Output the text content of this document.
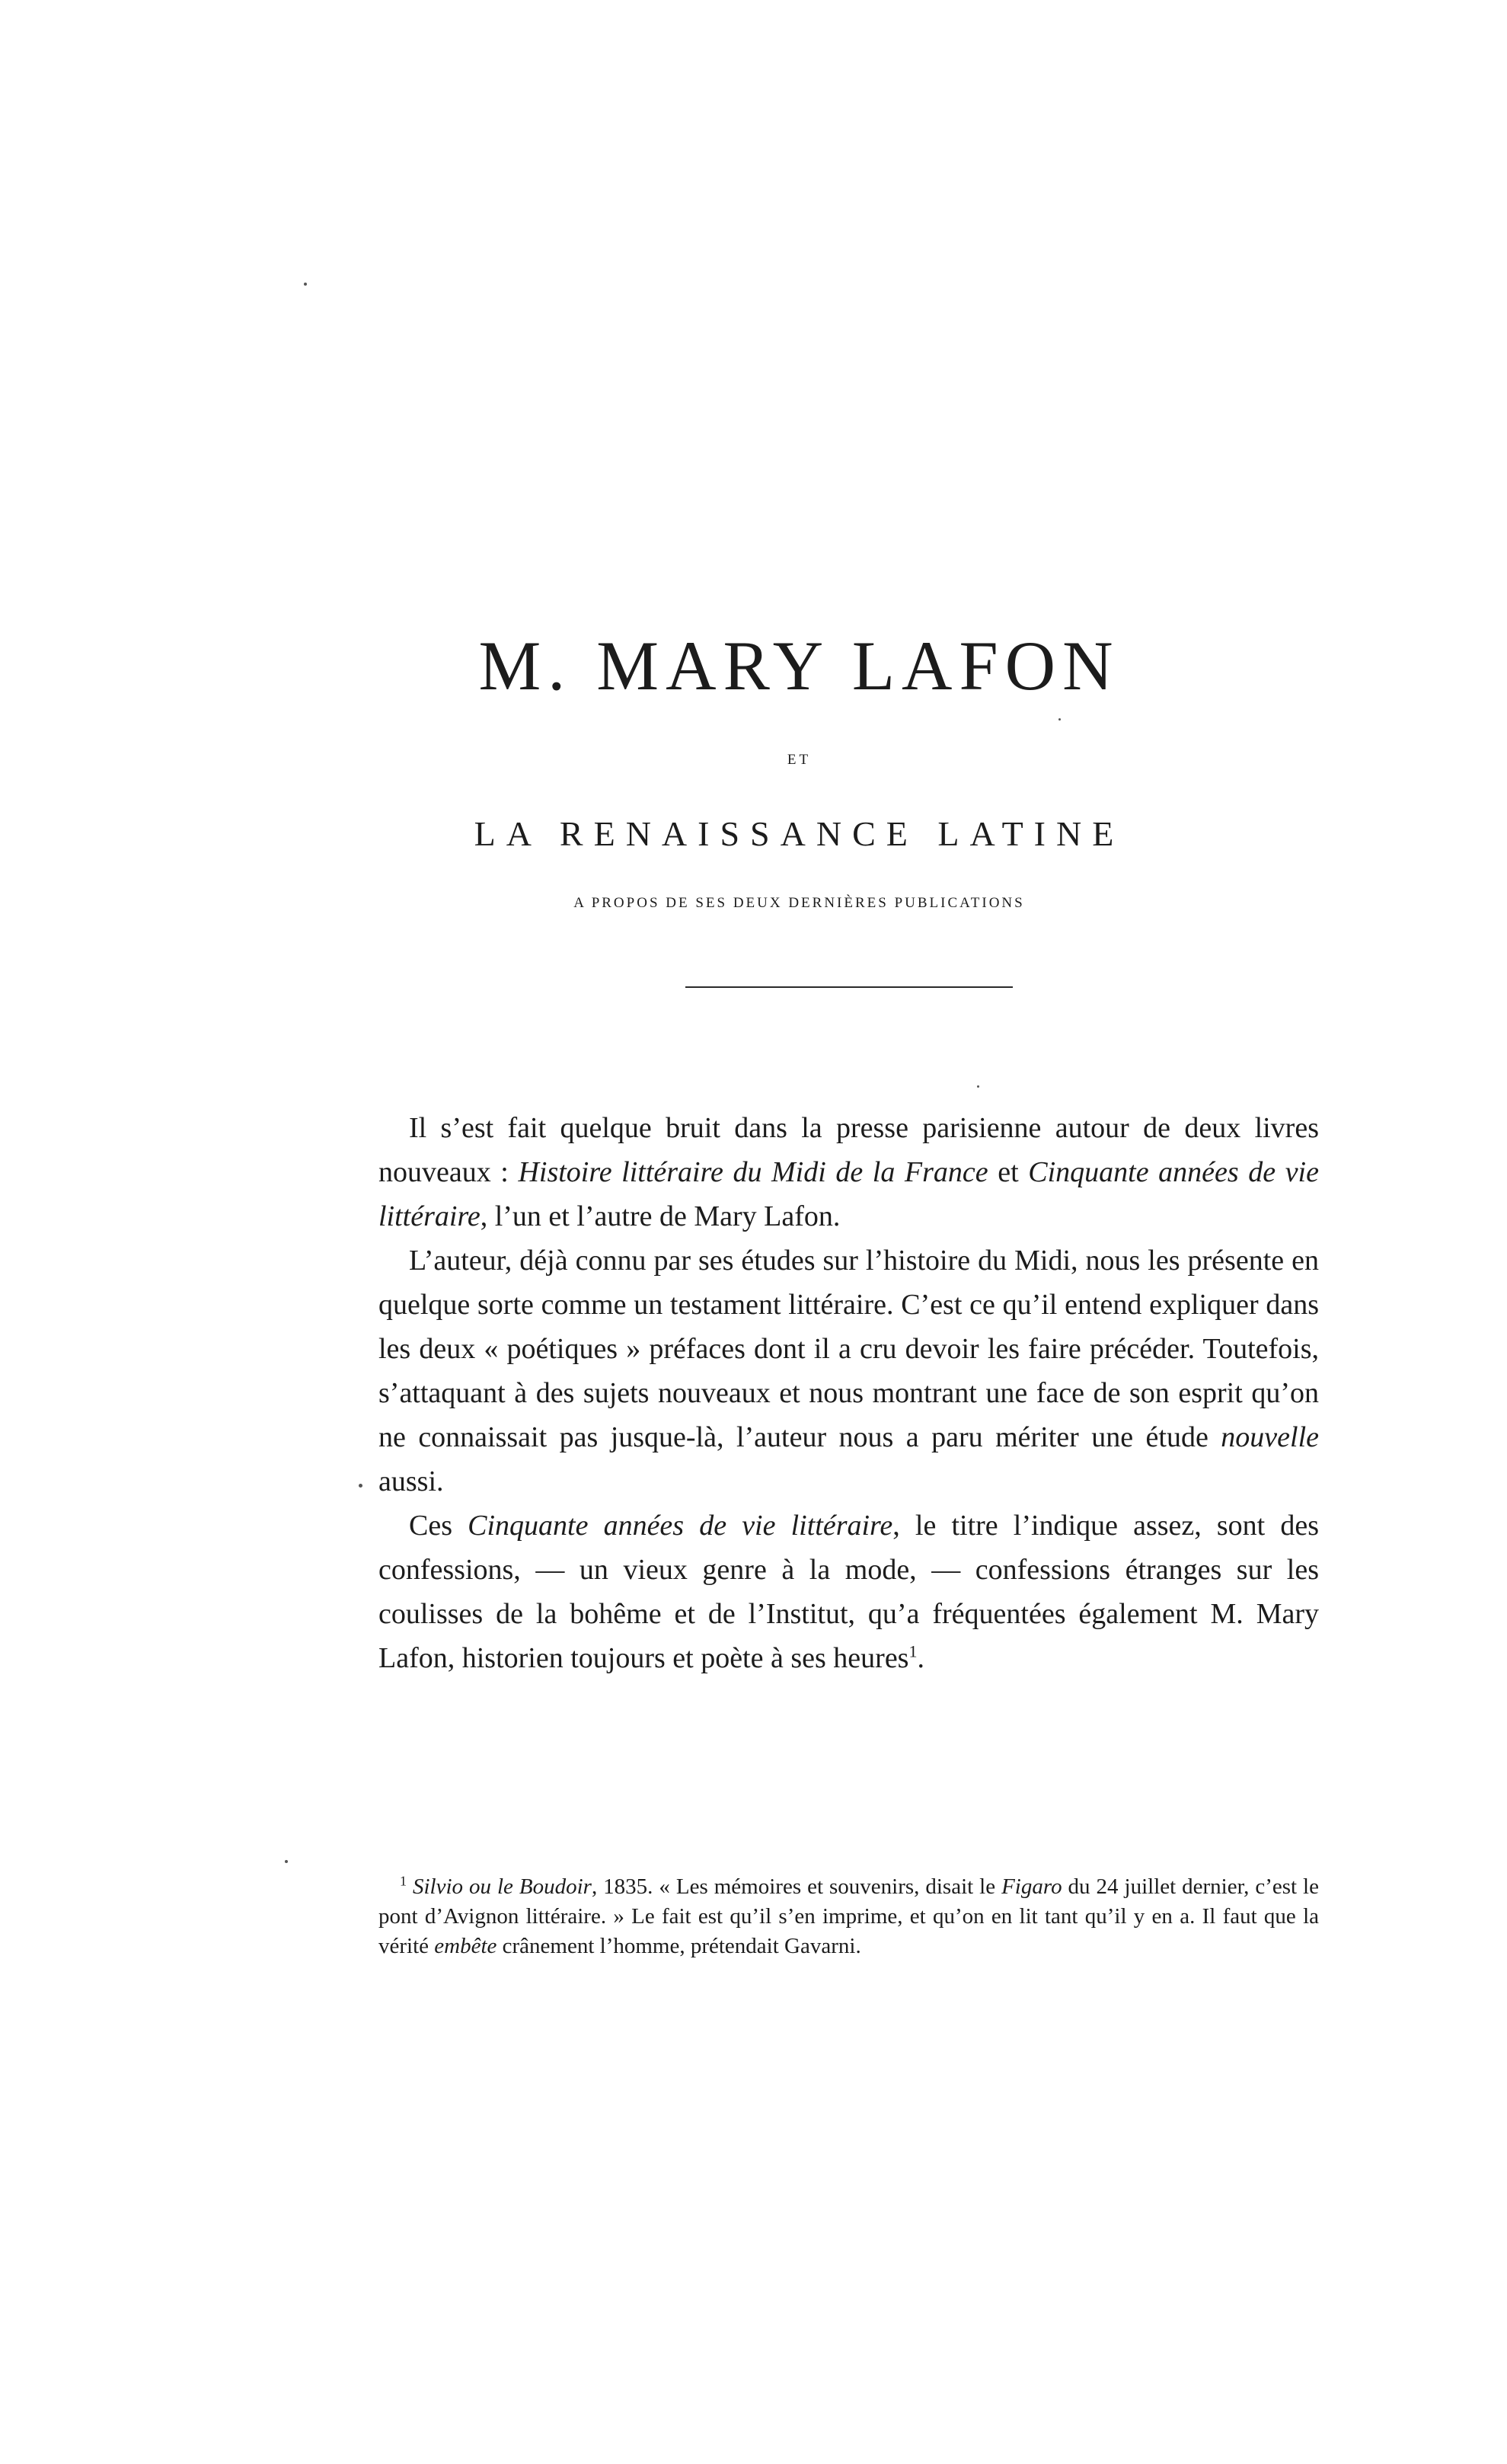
M. MARY LAFON
ET
LA RENAISSANCE LATINE
A PROPOS DE SES DEUX DERNIÈRES PUBLICATIONS

Il s’est fait quelque bruit dans la presse parisienne autour de deux livres nouveaux : Histoire littéraire du Midi de la France et Cinquante années de vie littéraire, l’un et l’autre de Mary Lafon.

L’auteur, déjà connu par ses études sur l’histoire du Midi, nous les présente en quelque sorte comme un testament littéraire. C’est ce qu’il entend expliquer dans les deux « poétiques » préfaces dont il a cru devoir les faire précéder. Toutefois, s’attaquant à des sujets nouveaux et nous montrant une face de son esprit qu’on ne connaissait pas jusque-là, l’auteur nous a paru mériter une étude nouvelle aussi.

Ces Cinquante années de vie littéraire, le titre l’indique assez, sont des confessions, — un vieux genre à la mode, — confessions étranges sur les coulisses de la bohême et de l’Institut, qu’a fréquentées également M. Mary Lafon, historien toujours et poète à ses heures$^1$.

$^1$ Silvio ou le Boudoir, 1835. « Les mémoires et souvenirs, disait le Figaro du 24 juillet dernier, c’est le pont d’Avignon littéraire. » Le fait est qu’il s’en imprime, et qu’on en lit tant qu’il y en a. Il faut que la vérité embête crânement l’homme, prétendait Gavarni.
